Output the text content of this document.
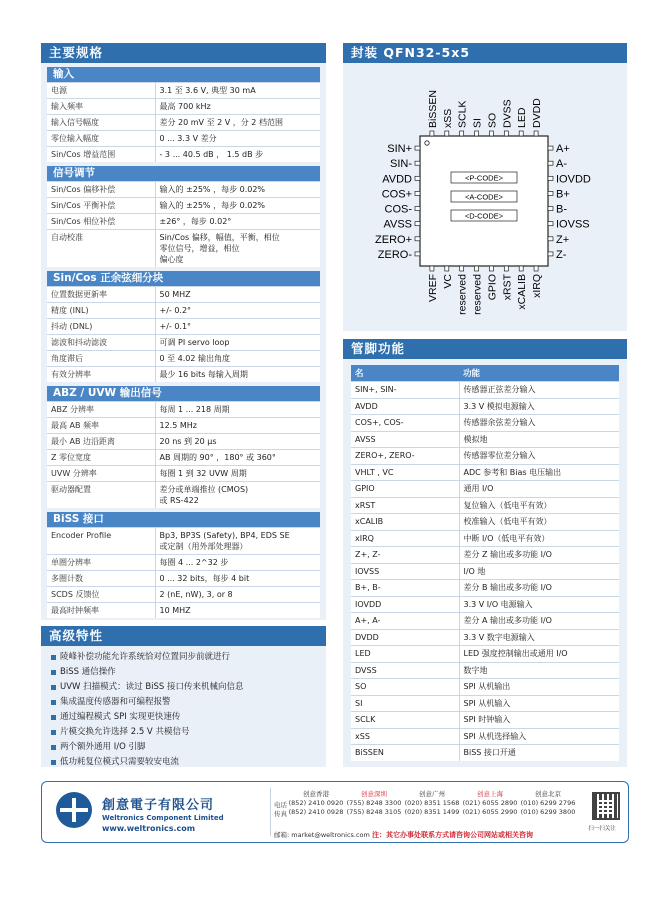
主要规格
输入
电源	3.1 至 3.6 V, 典型 30 mA
输入频率	最高 700 kHz
输入信号幅度	差分 20 mV 至 2 V ，分 2 档范围
零位输入幅度	0 ... 3.3 V 差分
Sin/Cos 增益范围	- 3 ... 40.5 dB ， 1.5 dB 步
信号调节
Sin/Cos 偏移补偿	输入的 ±25% ，每步 0.02%
Sin/Cos 平衡补偿	输入的 ±25% ，每步 0.02%
Sin/Cos 相位补偿	±26° ，每步 0.02°
自动校准	Sin/Cos 偏移，幅值，平衡，相位
零位信号，增益，相位
偏心度
Sin/Cos 正余弦细分块
位置数据更新率	50 MHZ
精度 (INL)	+/- 0.2°
抖动 (DNL)	+/- 0.1°
滤波和抖动滤波	可调 PI servo loop
角度滞后	0 至 4.02 输出角度
有效分辨率	最少 16 bits 每输入周期
ABZ / UVW 输出信号
ABZ 分辨率	每周 1 ... 218 周期
最高 AB 频率	12.5 MHz
最小 AB 边沿距离	20 ns 到 20 µs
Z 零位宽度	AB 周期的 90° ，180° 或 360°
UVW 分辨率	每圈 1 到 32 UVW 周期
驱动器配置	差分或单端推拉 (CMOS)
或 RS-422
BiSS 接口
Encoder Profile	Bp3, BP3S (Safety), BP4, EDS SE
或定制（用外部处理器）
单圈分辨率	每圈 4 ... 2^32 步
多圈计数	0 ... 32 bits，每步 4 bit
SCDS 反馈位	2 (nE, nW), 3, or 8
最高时钟频率	10 MHZ
高级特性
陵峰补偿功能允许系统恰对位置同步前就进行
BiSS 通信操作
UVW 扫描模式：读过 BiSS 接口传来机械向信息
集成温度传感器和可编程报警
通过编程模式 SPI 实现更快速传
片模交换允许选择 2.5 V 共模信号
两个额外通用 I/O 引脚
低功耗复位模式只需要较安电流
封装 QFN32-5x5
BiSSEN xSS SCLK SI SO DVSS LED DVDD
VREF VC reserved reserved GPIO xRST xCALIB xIRQ
SIN+
SIN-
AVDD
COS+
COS-
AVSS
ZERO+
ZERO-
A+
A-
IOVDD
B+
B-
IOVSS
Z+
Z-
<P-CODE>
<A-CODE>
<D-CODE>
管脚功能
名	功能
SIN+, SIN-	传感器正弦差分输入
AVDD	3.3 V 模拟电源输入
COS+, COS-	传感器余弦差分输入
AVSS	模拟地
ZERO+, ZERO-	传感器零位差分输入
VHLT , VC	ADC 参考和 Bias 电压输出
GPIO	通用 I/O
xRST	复位输入（低电平有效）
xCALIB	校准输入（低电平有效）
xIRQ	中断 I/O（低电平有效）
Z+, Z-	差分 Z 输出或多功能 I/O
IOVSS	I/O 地
B+, B-	差分 B 输出或多功能 I/O
IOVDD	3.3 V I/O 电源输入
A+, A-	差分 A 输出或多功能 I/O
DVDD	3.3 V 数字电源输入
LED	LED 强度控制输出或通用 I/O
DVSS	数字地
SO	SPI 从机输出
SI	SPI 从机输入
SCLK	SPI 时钟输入
xSS	SPI 从机选择输入
BiSSEN	BiSS 接口开通
創意電子有限公司
Weltronics Component Limited
www.weltronics.com
电话
传真
创意香港
(852) 2410 0920
(852) 2410 0928
创意深圳
(755) 8248 3300
(755) 8248 3105
创意广州
(020) 8351 1568
(020) 8351 1499
创意上海
(021) 6055 2890
(021) 6055 2990
创意北京
(010) 6299 2796
(010) 6299 3800
邮箱: market@weltronics.com 注：其它办事处联系方式请咨询公司网站或相关咨询
扫一扫关注
